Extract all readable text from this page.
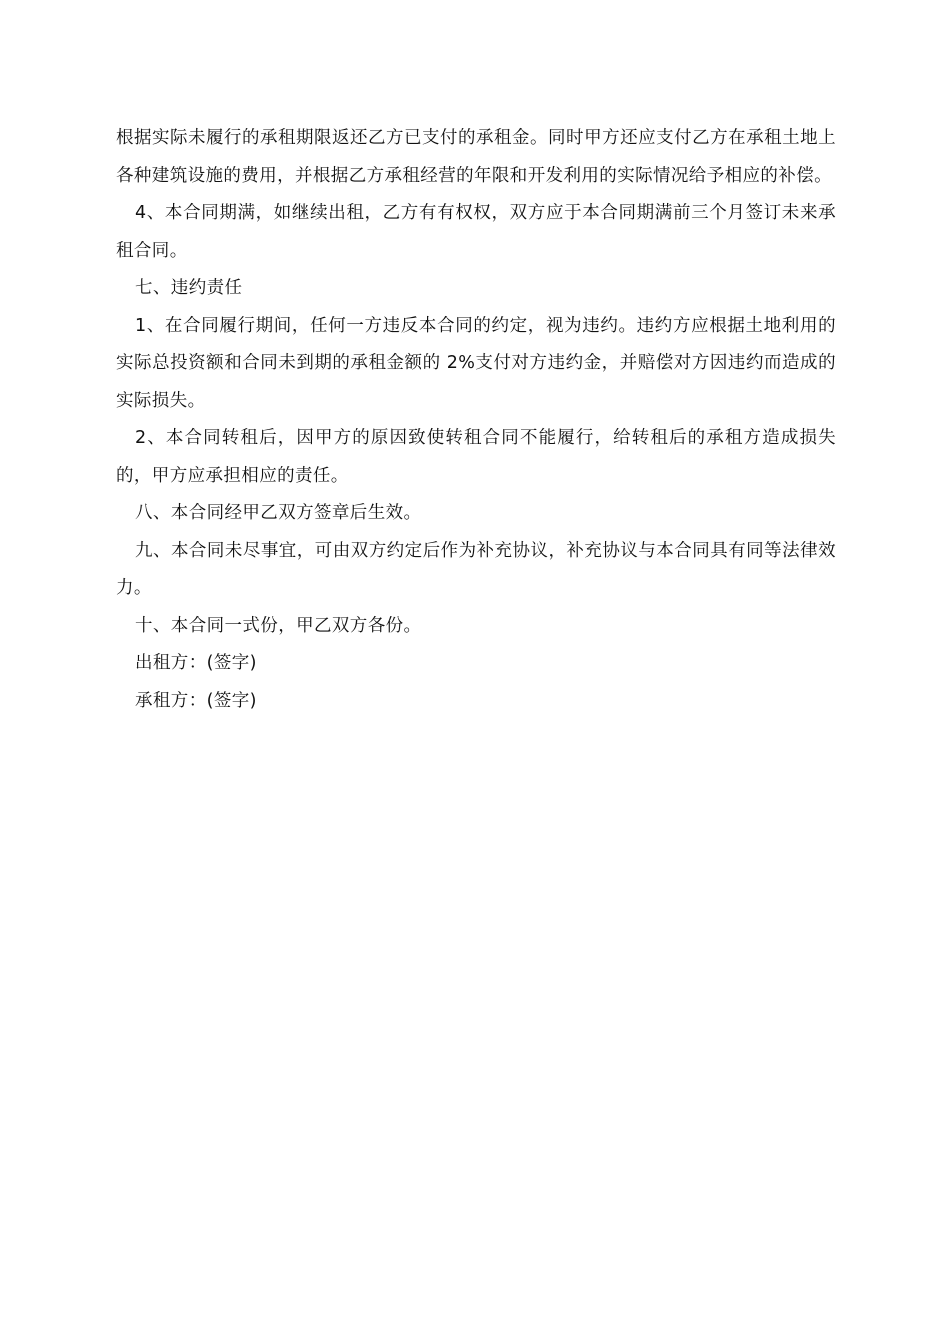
根据实际未履行的承租期限返还乙方已支付的承租金。同时甲方还应支付乙方在承租土地上各种建筑设施的费用，并根据乙方承租经营的年限和开发利用的实际情况给予相应的补偿。

4、本合同期满，如继续出租，乙方有有权权，双方应于本合同期满前三个月签订未来承租合同。

七、违约责任

1、在合同履行期间，任何一方违反本合同的约定，视为违约。违约方应根据土地利用的实际总投资额和合同未到期的承租金额的 2%支付对方违约金，并赔偿对方因违约而造成的实际损失。

2、本合同转租后，因甲方的原因致使转租合同不能履行，给转租后的承租方造成损失的，甲方应承担相应的责任。

八、本合同经甲乙双方签章后生效。

九、本合同未尽事宜，可由双方约定后作为补充协议，补充协议与本合同具有同等法律效力。

十、本合同一式份，甲乙双方各份。

出租方：(签字)

承租方：(签字)
